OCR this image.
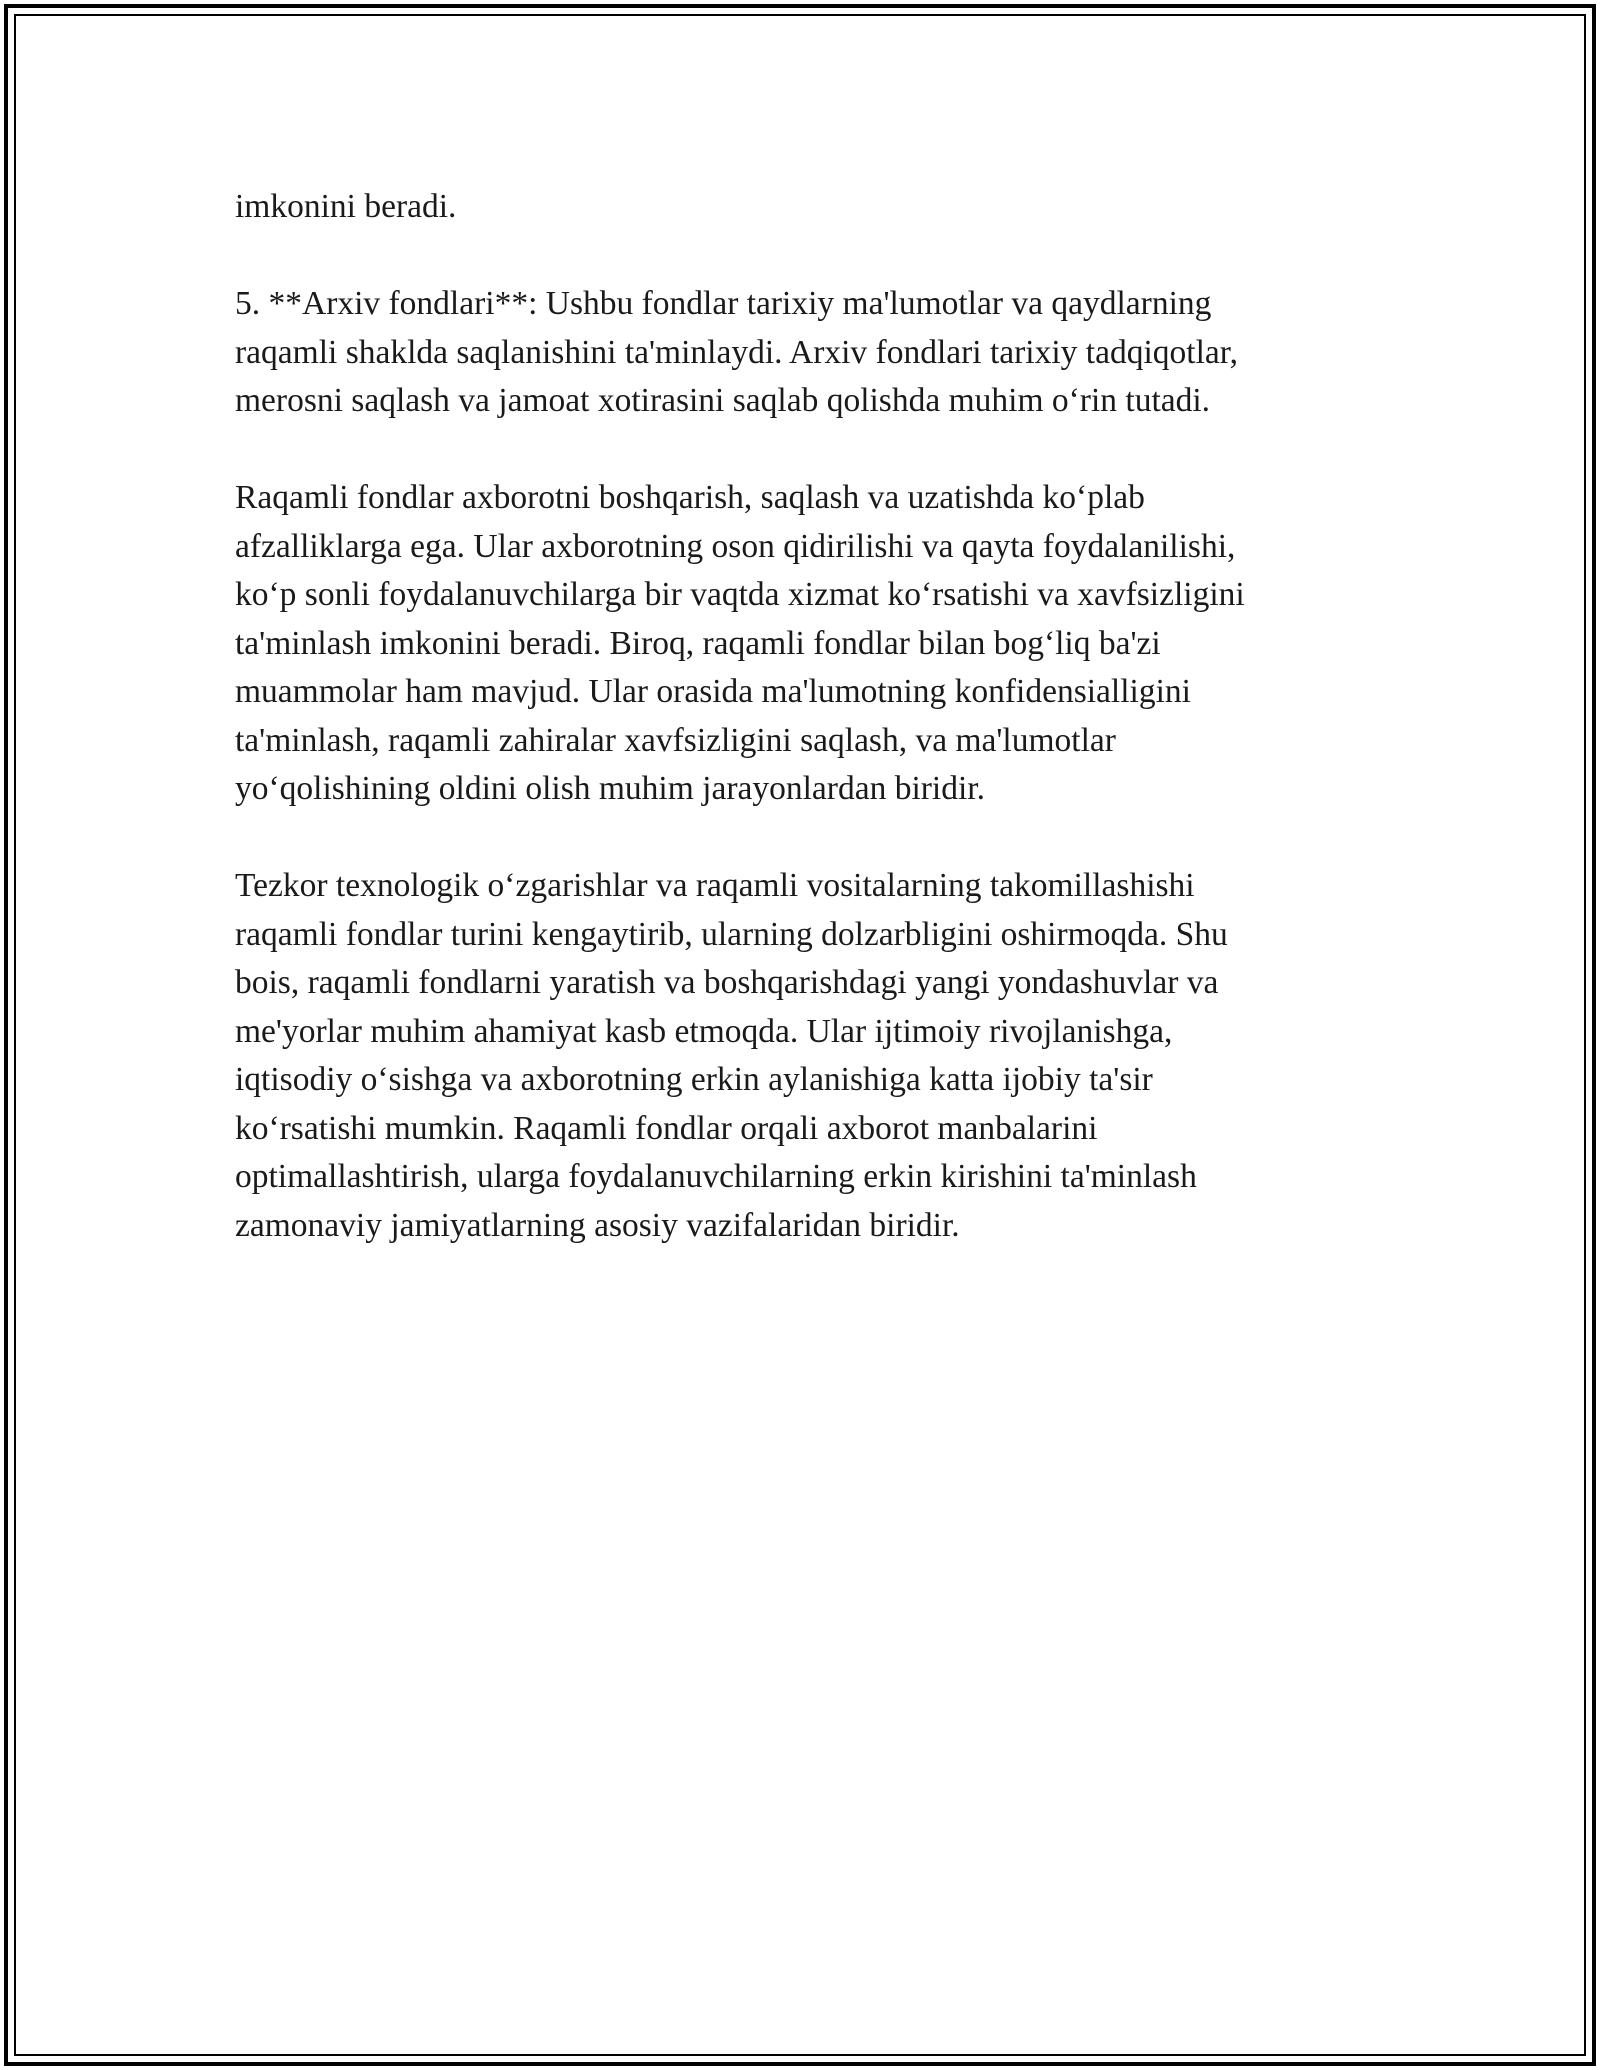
imkonini beradi.

5. **Arxiv fondlari**: Ushbu fondlar tarixiy ma'lumotlar va qaydlarning
raqamli shaklda saqlanishini ta'minlaydi. Arxiv fondlari tarixiy tadqiqotlar,
merosni saqlash va jamoat xotirasini saqlab qolishda muhim o‘rin tutadi.

Raqamli fondlar axborotni boshqarish, saqlash va uzatishda ko‘plab
afzalliklarga ega. Ular axborotning oson qidirilishi va qayta foydalanilishi,
ko‘p sonli foydalanuvchilarga bir vaqtda xizmat ko‘rsatishi va xavfsizligini
ta'minlash imkonini beradi. Biroq, raqamli fondlar bilan bog‘liq ba'zi
muammolar ham mavjud. Ular orasida ma'lumotning konfidensialligini
ta'minlash, raqamli zahiralar xavfsizligini saqlash, va ma'lumotlar
yo‘qolishining oldini olish muhim jarayonlardan biridir.

Tezkor texnologik o‘zgarishlar va raqamli vositalarning takomillashishi
raqamli fondlar turini kengaytirib, ularning dolzarbligini oshirmoqda. Shu
bois, raqamli fondlarni yaratish va boshqarishdagi yangi yondashuvlar va
me'yorlar muhim ahamiyat kasb etmoqda. Ular ijtimoiy rivojlanishga,
iqtisodiy o‘sishga va axborotning erkin aylanishiga katta ijobiy ta'sir
ko‘rsatishi mumkin. Raqamli fondlar orqali axborot manbalarini
optimallashtirish, ularga foydalanuvchilarning erkin kirishini ta'minlash
zamonaviy jamiyatlarning asosiy vazifalaridan biridir.
